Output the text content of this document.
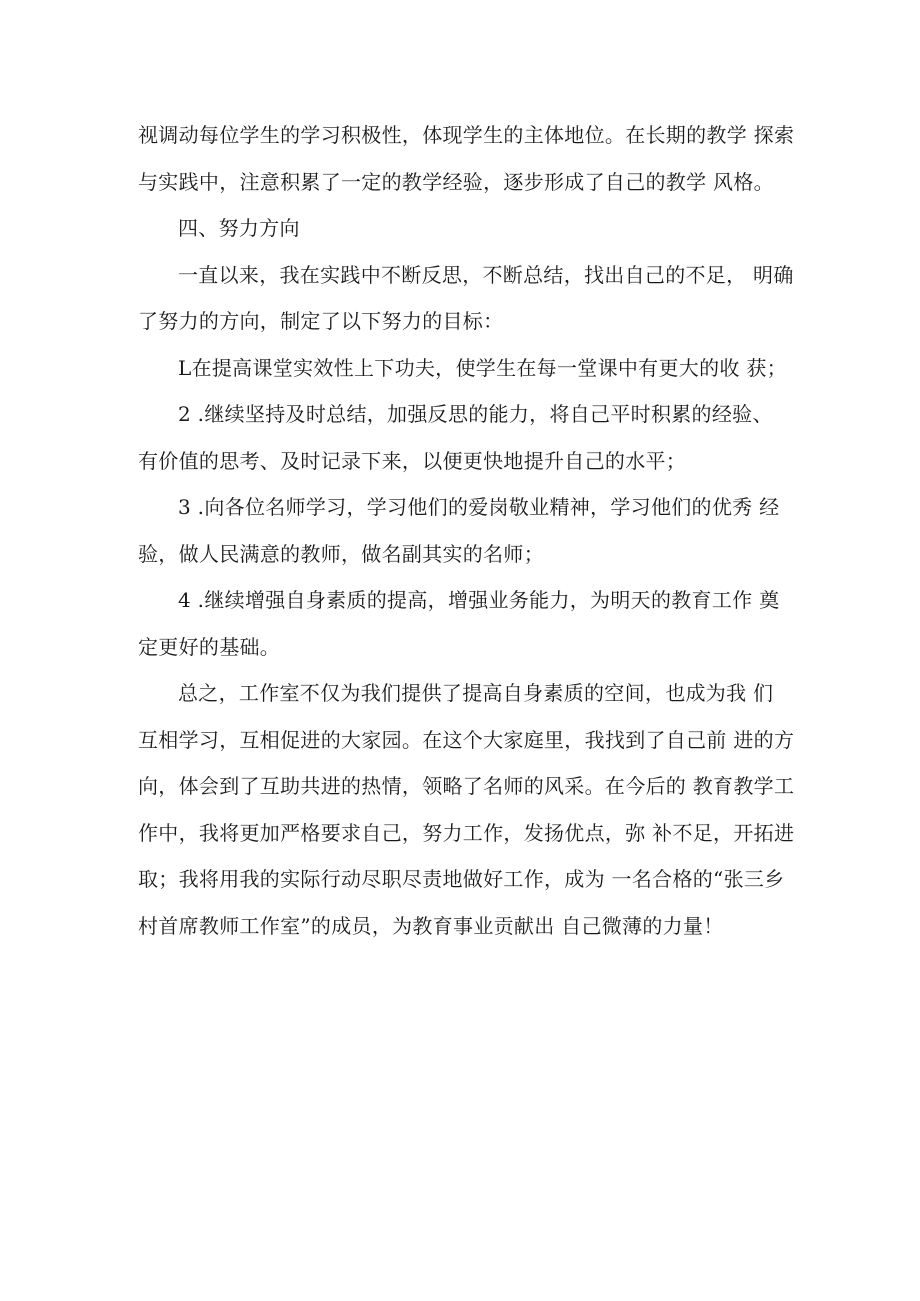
视调动每位学生的学习积极性，体现学生的主体地位。在长期的教学 探索
与实践中，注意积累了一定的教学经验，逐步形成了自己的教学 风格。
四、努力方向
一直以来，我在实践中不断反思，不断总结，找出自己的不足， 明确
了努力的方向，制定了以下努力的目标：
L在提高课堂实效性上下功夫，使学生在每一堂课中有更大的收 获；
2 .继续坚持及时总结，加强反思的能力，将自己平时积累的经验、
有价值的思考、及时记录下来，以便更快地提升自己的水平；
3 .向各位名师学习，学习他们的爱岗敬业精神，学习他们的优秀 经
验，做人民满意的教师，做名副其实的名师；
4 .继续增强自身素质的提高，增强业务能力，为明天的教育工作 奠
定更好的基础。
总之，工作室不仅为我们提供了提高自身素质的空间，也成为我 们
互相学习，互相促进的大家园。在这个大家庭里，我找到了自己前 进的方
向，体会到了互助共进的热情，领略了名师的风采。在今后的 教育教学工
作中，我将更加严格要求自己，努力工作，发扬优点，弥 补不足，开拓进
取；我将用我的实际行动尽职尽责地做好工作，成为 一名合格的“张三乡
村首席教师工作室”的成员，为教育事业贡献出 自己微薄的力量！
